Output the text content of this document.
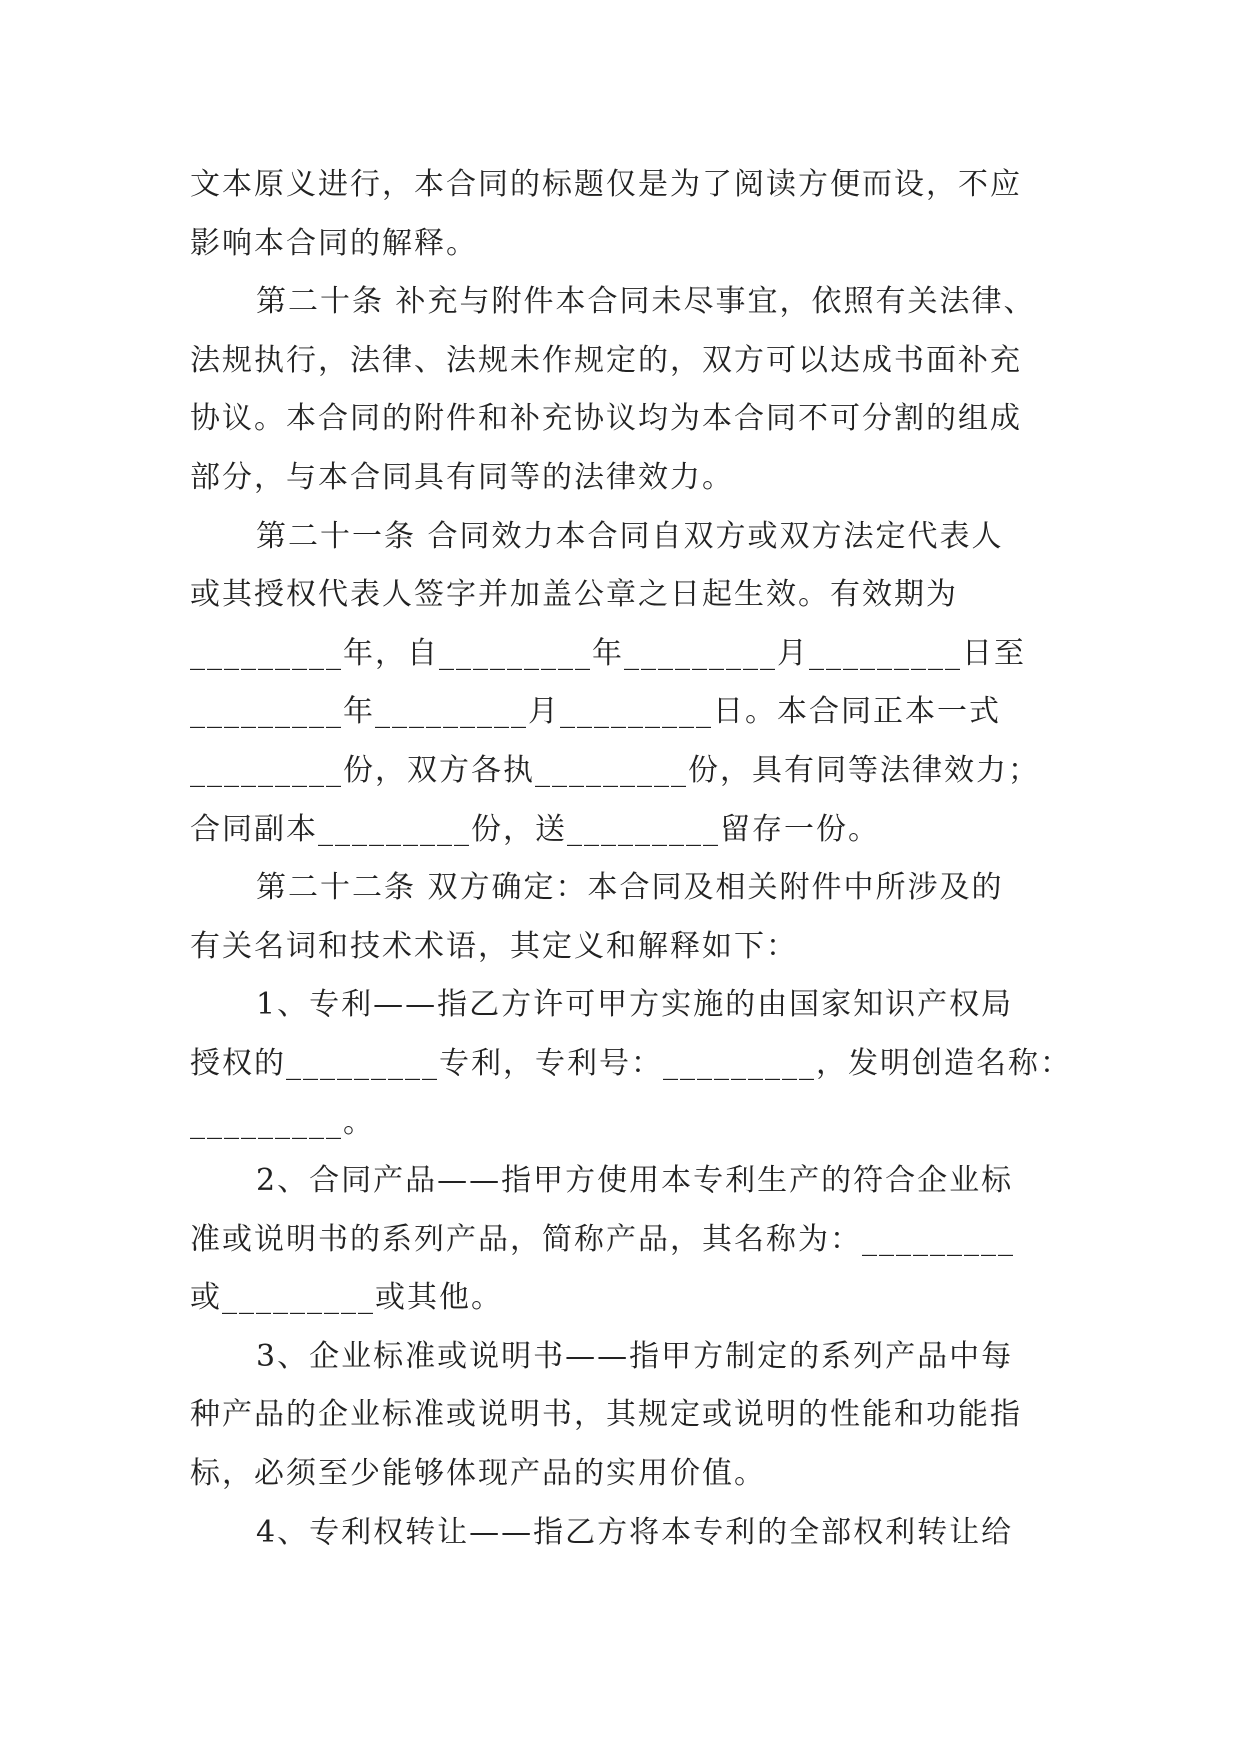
文本原义进行，本合同的标题仅是为了阅读方便而设，不应
影响本合同的解释。
第二十条 补充与附件本合同未尽事宜，依照有关法律、
法规执行，法律、法规未作规定的，双方可以达成书面补充
协议。本合同的附件和补充协议均为本合同不可分割的组成
部分，与本合同具有同等的法律效力。
第二十一条 合同效力本合同自双方或双方法定代表人
或其授权代表人签字并加盖公章之日起生效。有效期为
_________年，自_________年_________月_________日至
_________年_________月_________日。本合同正本一式
_________份，双方各执_________份，具有同等法律效力；
合同副本_________份，送_________留存一份。
第二十二条 双方确定：本合同及相关附件中所涉及的
有关名词和技术术语，其定义和解释如下：
1、专利——指乙方许可甲方实施的由国家知识产权局
授权的_________专利，专利号：_________，发明创造名称：
_________。
2、合同产品——指甲方使用本专利生产的符合企业标
准或说明书的系列产品，简称产品，其名称为：_________
或_________或其他。
3、企业标准或说明书——指甲方制定的系列产品中每
种产品的企业标准或说明书，其规定或说明的性能和功能指
标，必须至少能够体现产品的实用价值。
4、专利权转让——指乙方将本专利的全部权利转让给
